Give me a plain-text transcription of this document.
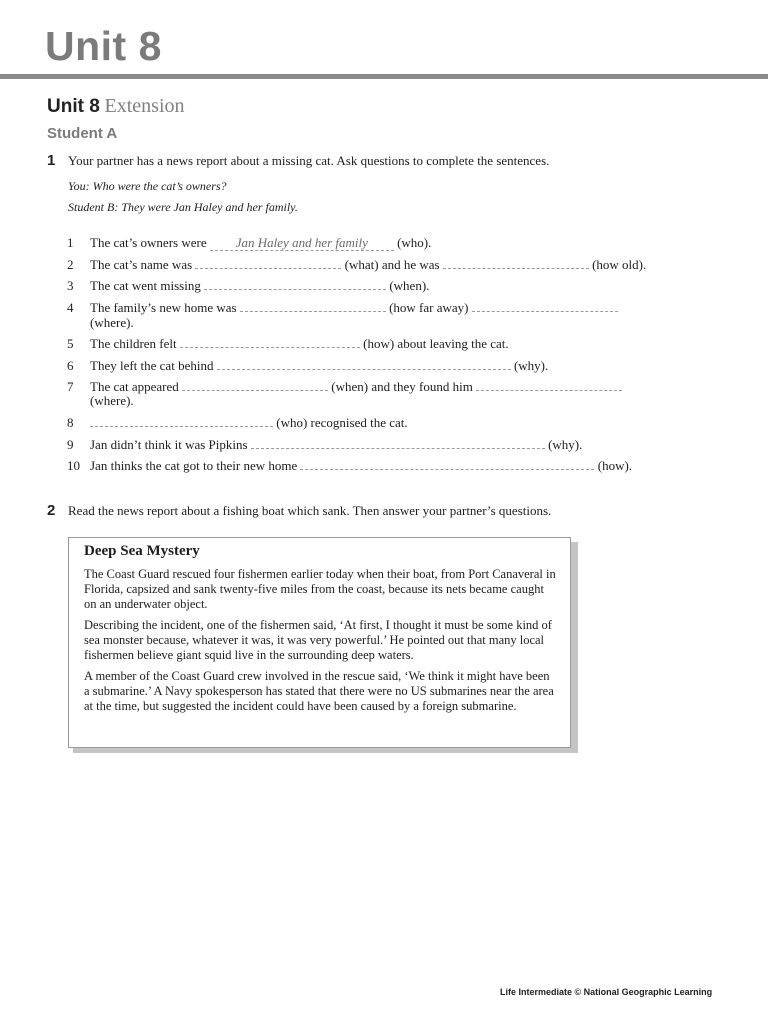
Unit 8
Unit 8 Extension
Student A
1 Your partner has a news report about a missing cat. Ask questions to complete the sentences.
You: Who were the cat’s owners?
Student B: They were Jan Haley and her family.
1	The cat’s owners were Jan Haley and her family (who).
2	The cat’s name was	(what) and he was	(how old).
3	The cat went missing	(when).
4	The family’s new home was	(how far away)
(where).
5	The children felt	(how) about leaving the cat.
6	They left the cat behind	(why).
7	The cat appeared	(when) and they found him
(where).
8	(who) recognised the cat.
9	Jan didn’t think it was Pipkins	(why).
10 Jan thinks the cat got to their new home	(how).
2 Read the news report about a fishing boat which sank. Then answer your partner’s questions.
Deep Sea Mystery

The Coast Guard rescued four fishermen earlier today when their boat, from Port Canaveral in Florida, capsized and sank twenty-five miles from the coast, because its nets became caught on an underwater object.

Describing the incident, one of the fishermen said, ‘At first, I thought it must be some kind of sea monster because, whatever it was, it was very powerful.’ He pointed out that many local fishermen believe giant squid live in the surrounding deep waters.

A member of the Coast Guard crew involved in the rescue said, ‘We think it might have been a submarine.’ A Navy spokesperson has stated that there were no US submarines near the area at the time, but suggested the incident could have been caused by a foreign submarine.

Life Intermediate © National Geographic Learning
